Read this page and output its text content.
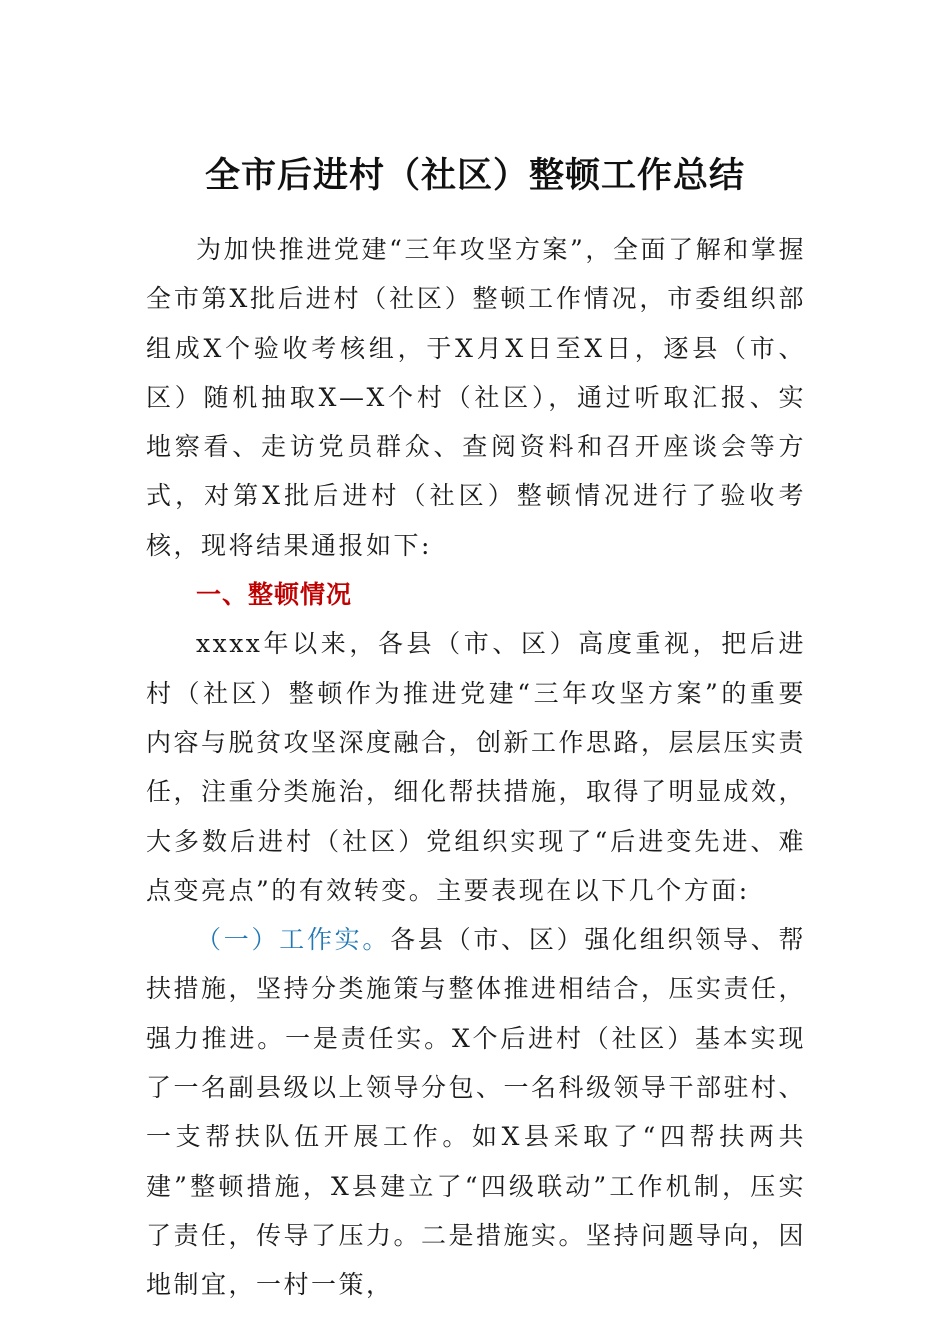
全市后进村（社区）整顿工作总结

为加快推进党建“三年攻坚方案”，全面了解和掌握全市第X批后进村（社区）整顿工作情况，市委组织部组成X个验收考核组，于X月X日至X日，逐县（市、区）随机抽取X—X个村（社区），通过听取汇报、实地察看、走访党员群众、查阅资料和召开座谈会等方式，对第X批后进村（社区）整顿情况进行了验收考核，现将结果通报如下:

一、整顿情况

xxxx年以来，各县（市、区）高度重视，把后进村（社区）整顿作为推进党建“三年攻坚方案”的重要内容与脱贫攻坚深度融合，创新工作思路，层层压实责任，注重分类施治，细化帮扶措施，取得了明显成效，大多数后进村（社区）党组织实现了“后进变先进、难点变亮点”的有效转变。主要表现在以下几个方面:

（一）工作实。各县（市、区）强化组织领导、帮扶措施，坚持分类施策与整体推进相结合，压实责任，强力推进。一是责任实。X个后进村（社区）基本实现了一名副县级以上领导分包、一名科级领导干部驻村、一支帮扶队伍开展工作。如X县采取了“四帮扶两共建”整顿措施，X县建立了“四级联动”工作机制，压实了责任，传导了压力。二是措施实。坚持问题导向，因地制宜，一村一策，
